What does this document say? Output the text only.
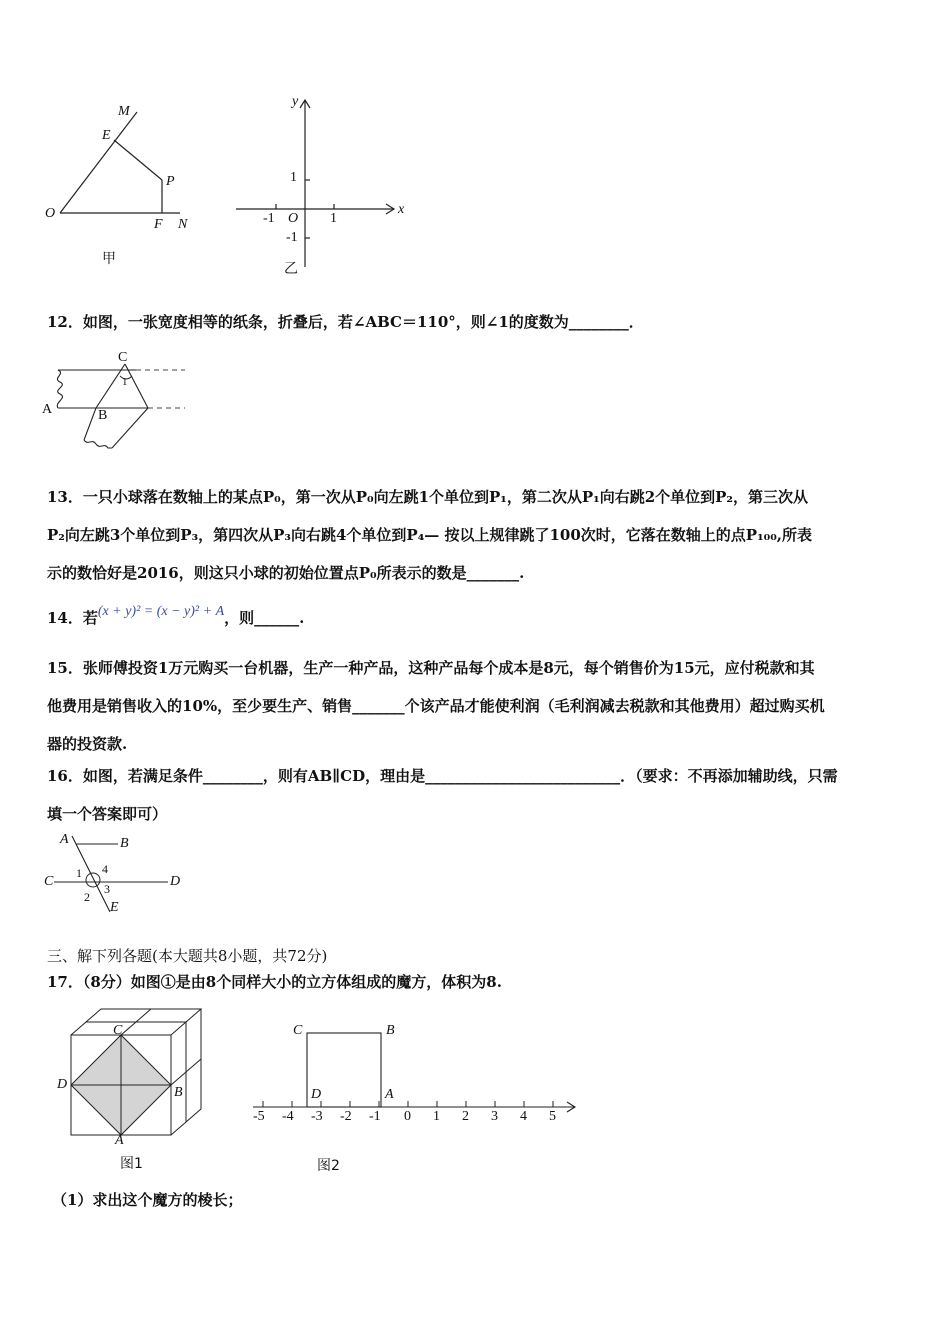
M
E
P
O
F N
甲
y
x
1
-1 O 1
-1
乙
12．如图，一张宽度相等的纸条，折叠后，若∠ABC＝110°，则∠1的度数为________．
C
A	B
1
13．一只小球落在数轴上的某点P₀，第一次从P₀向左跳1个单位到P₁，第二次从P₁向右跳2个单位到P₂，第三次从
P₂向左跳3个单位到P₃，第四次从P₃向右跳4个单位到P₄— 按以上规律跳了100次时，它落在数轴上的点P₁₀₀,所表
示的数恰好是2016，则这只小球的初始位置点P₀所表示的数是_______.
14．若(x + y)² = (x − y)² + A，则______.
15．张师傅投资1万元购买一台机器，生产一种产品，这种产品每个成本是8元，每个销售价为15元，应付税款和其
他费用是销售收入的10%，至少要生产、销售_______个该产品才能使利润（毛利润减去税款和其他费用）超过购买机
器的投资款.
16．如图，若满足条件________，则有AB∥CD，理由是__________________________．（要求：不再添加辅助线，只需
填一个答案即可）
A	B
C	D
E
1
2
3
4
三、解下列各题(本大题共8小题，共72分)
17．（8分）如图①是由8个同样大小的立方体组成的魔方，体积为8.
C
D
B
A
图1
C	B
D	A
-5 -4 -3 -2 -1 0 1 2 3 4 5
图2
（1）求出这个魔方的棱长；
